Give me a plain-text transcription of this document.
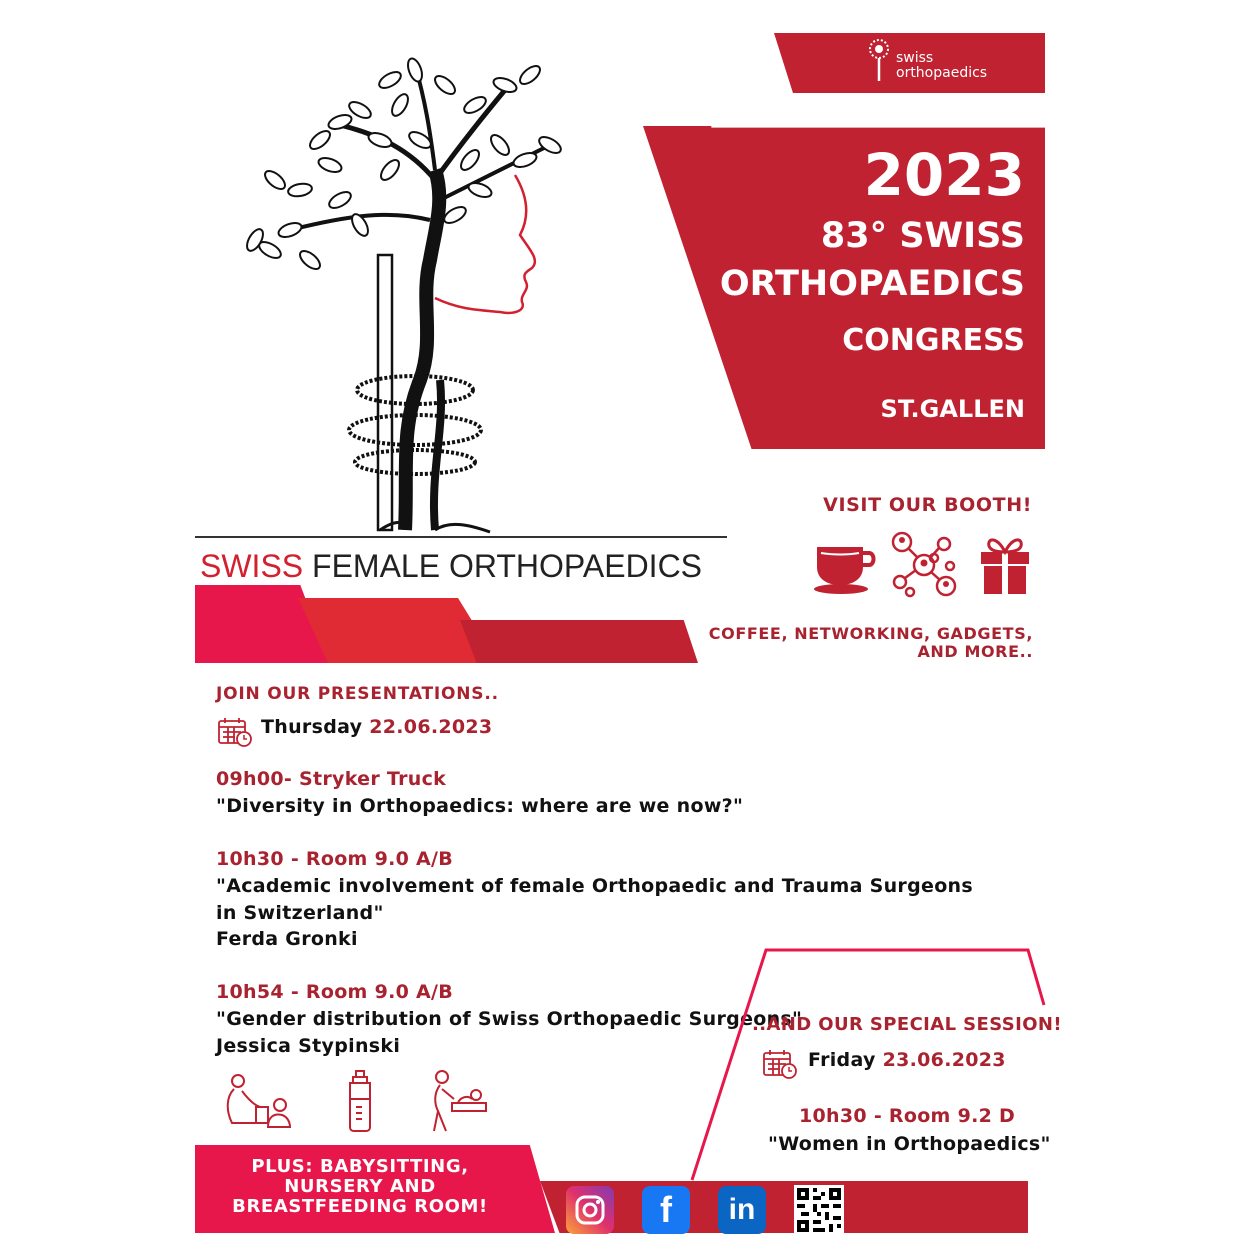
swiss
orthopaedics
2023
83° SWISS
ORTHOPAEDICS
CONGRESS
ST.GALLEN
SWISS FEMALE ORTHOPAEDICS
VISIT OUR BOOTH!
COFFEE, NETWORKING, GADGETS,
AND MORE..
JOIN OUR PRESENTATIONS..
Thursday 22.06.2023
09h00- Stryker Truck
"Diversity in Orthopaedics: where are we now?"
10h30 - Room 9.0 A/B
"Academic involvement of female Orthopaedic and Trauma Surgeons
in Switzerland"
Ferda Gronki
10h54 - Room 9.0 A/B
"Gender distribution of Swiss Orthopaedic Surgeons"
Jessica Stypinski
..AND OUR SPECIAL SESSION!
Friday 23.06.2023
10h30 - Room 9.2 D
"Women in Orthopaedics"
PLUS: BABYSITTING,
NURSERY AND
BREASTFEEDING ROOM!	f in
